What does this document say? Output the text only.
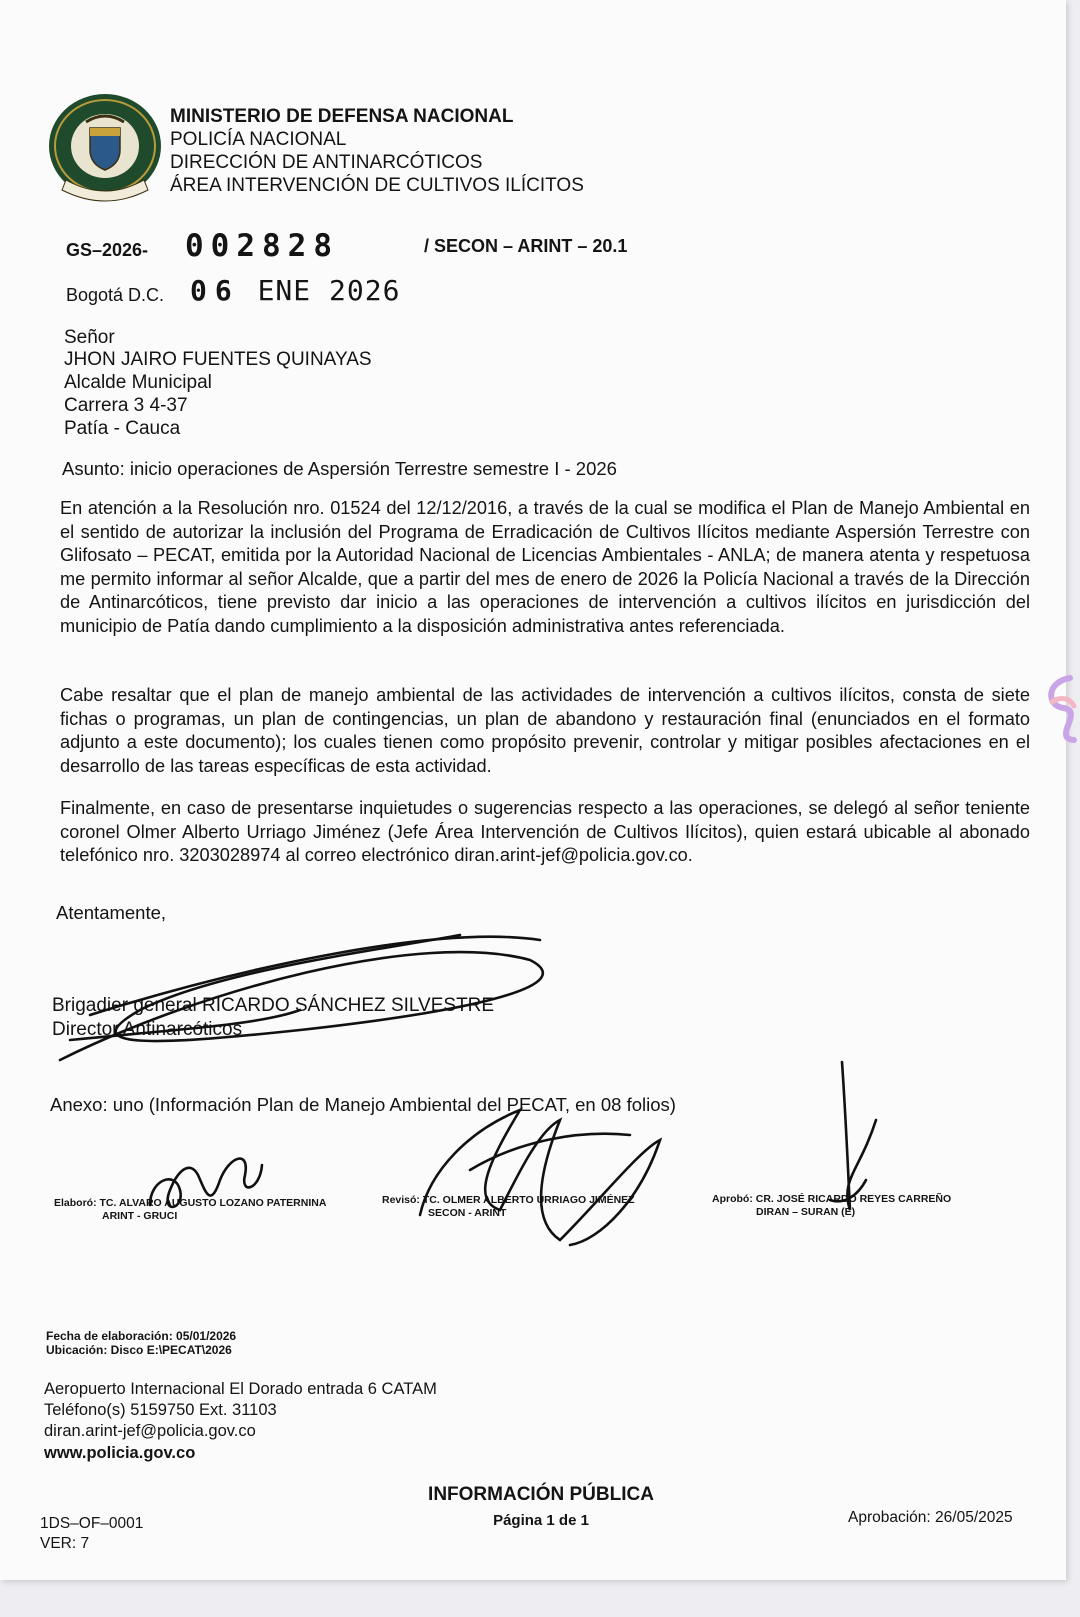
MINISTERIO DE DEFENSA NACIONAL
POLICÍA NACIONAL
DIRECCIÓN DE ANTINARCÓTICOS
ÁREA INTERVENCIÓN DE CULTIVOS ILÍCITOS
GS–2026- 002828	/ SECON – ARINT – 20.1
Bogotá D.C. 06 ENE 2026
Señor
JHON JAIRO FUENTES QUINAYAS
Alcalde Municipal
Carrera 3 4-37
Patía - Cauca
Asunto: inicio operaciones de Aspersión Terrestre semestre I - 2026
En atención a la Resolución nro. 01524 del 12/12/2016, a través de la cual se modifica el Plan de Manejo Ambiental en el sentido de autorizar la inclusión del Programa de Erradicación de Cultivos Ilícitos mediante Aspersión Terrestre con Glifosato – PECAT, emitida por la Autoridad Nacional de Licencias Ambientales - ANLA; de manera atenta y respetuosa me permito informar al señor Alcalde, que a partir del mes de enero de 2026 la Policía Nacional a través de la Dirección de Antinarcóticos, tiene previsto dar inicio a las operaciones de intervención a cultivos ilícitos en jurisdicción del municipio de Patía dando cumplimiento a la disposición administrativa antes referenciada.
Cabe resaltar que el plan de manejo ambiental de las actividades de intervención a cultivos ilícitos, consta de siete fichas o programas, un plan de contingencias, un plan de abandono y restauración final (enunciados en el formato adjunto a este documento); los cuales tienen como propósito prevenir, controlar y mitigar posibles afectaciones en el desarrollo de las tareas específicas de esta actividad.
Finalmente, en caso de presentarse inquietudes o sugerencias respecto a las operaciones, se delegó al señor teniente coronel Olmer Alberto Urriago Jiménez (Jefe Área Intervención de Cultivos Ilícitos), quien estará ubicable al abonado telefónico nro. 3203028974 al correo electrónico diran.arint-jef@policia.gov.co.
Atentamente,
Brigadier general RICARDO SÁNCHEZ SILVESTRE
Director Antinarcóticos
Anexo: uno (Información Plan de Manejo Ambiental del PECAT, en 08 folios)
Elaboró: TC. ALVARO AUGUSTO LOZANO PATERNINA
ARINT - GRUCI
Revisó: TC. OLMER ALBERTO URRIAGO JIMÉNEZ
SECON - ARINT
Aprobó: CR. JOSÉ RICARDO REYES CARREÑO
DIRAN – SURAN (E)
Fecha de elaboración: 05/01/2026
Ubicación: Disco E:\PECAT\2026
Aeropuerto Internacional El Dorado entrada 6 CATAM
Teléfono(s) 5159750 Ext. 31103
diran.arint-jef@policia.gov.co
www.policia.gov.co
INFORMACIÓN PÚBLICA
Página 1 de 1
1DS–OF–0001
VER: 7
Aprobación: 26/05/2025
